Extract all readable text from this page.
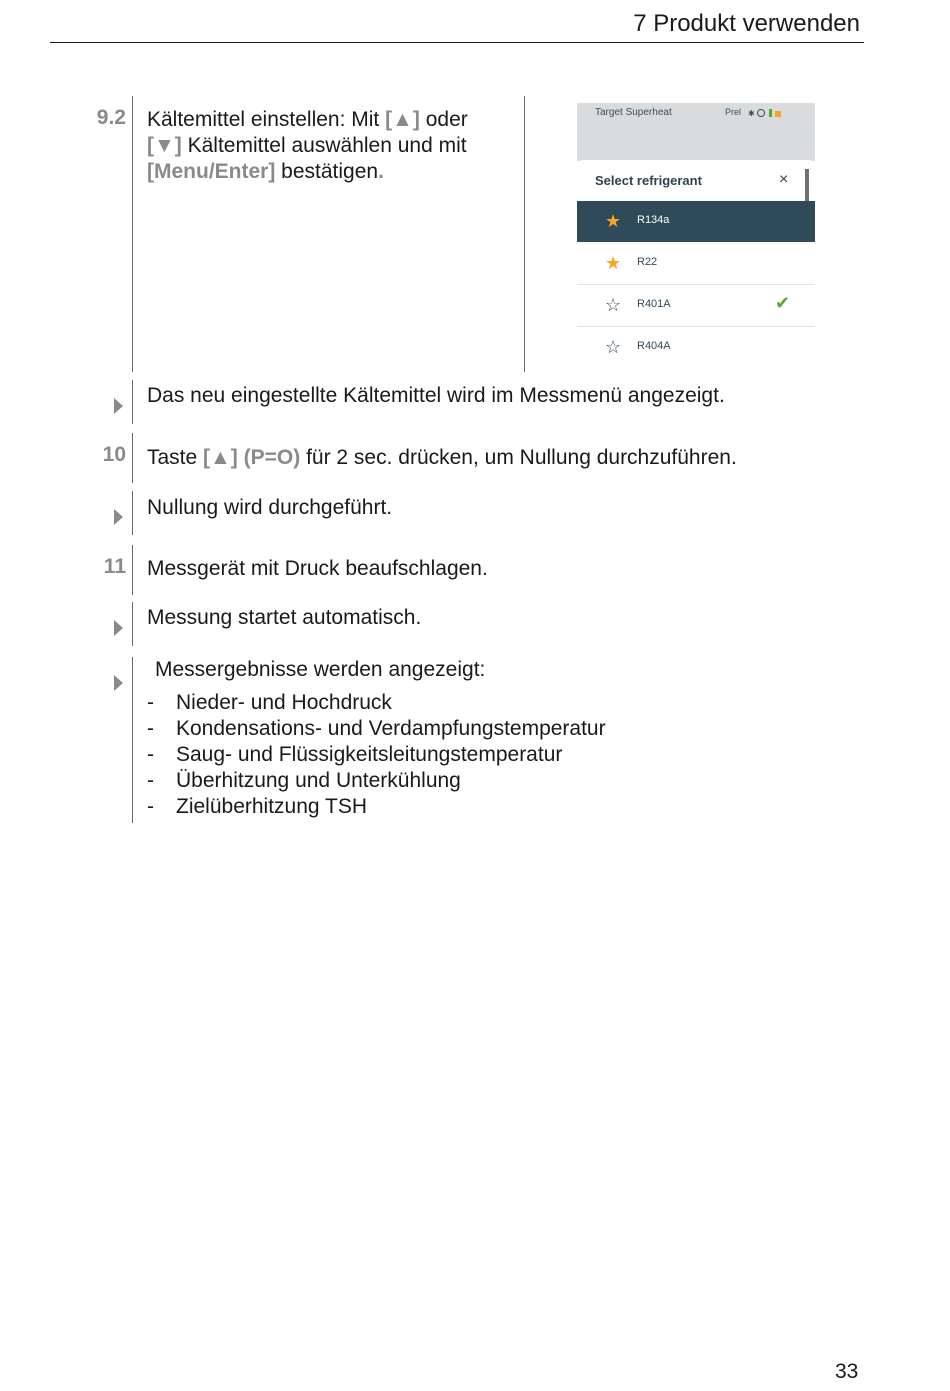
7 Produkt verwenden
9.2 Kältemittel einstellen: Mit [▲] oder
[▼] Kältemittel auswählen und mit
[Menu/Enter] bestätigen.
Target Superheat	Prel ✱
Select refrigerant	×
★ R134a
★ R22
☆ R401A	✔
☆ R404A
Das neu eingestellte Kältemittel wird im Messmenü angezeigt.
10 Taste [▲] (P=O) für 2 sec. drücken, um Nullung durchzuführen.
Nullung wird durchgeführt.
11 Messgerät mit Druck beaufschlagen.
Messung startet automatisch.
Messergebnisse werden angezeigt:
- Nieder- und Hochdruck
- Kondensations- und Verdampfungstemperatur
- Saug- und Flüssigkeitsleitungstemperatur
- Überhitzung und Unterkühlung
- Zielüberhitzung TSH
33
